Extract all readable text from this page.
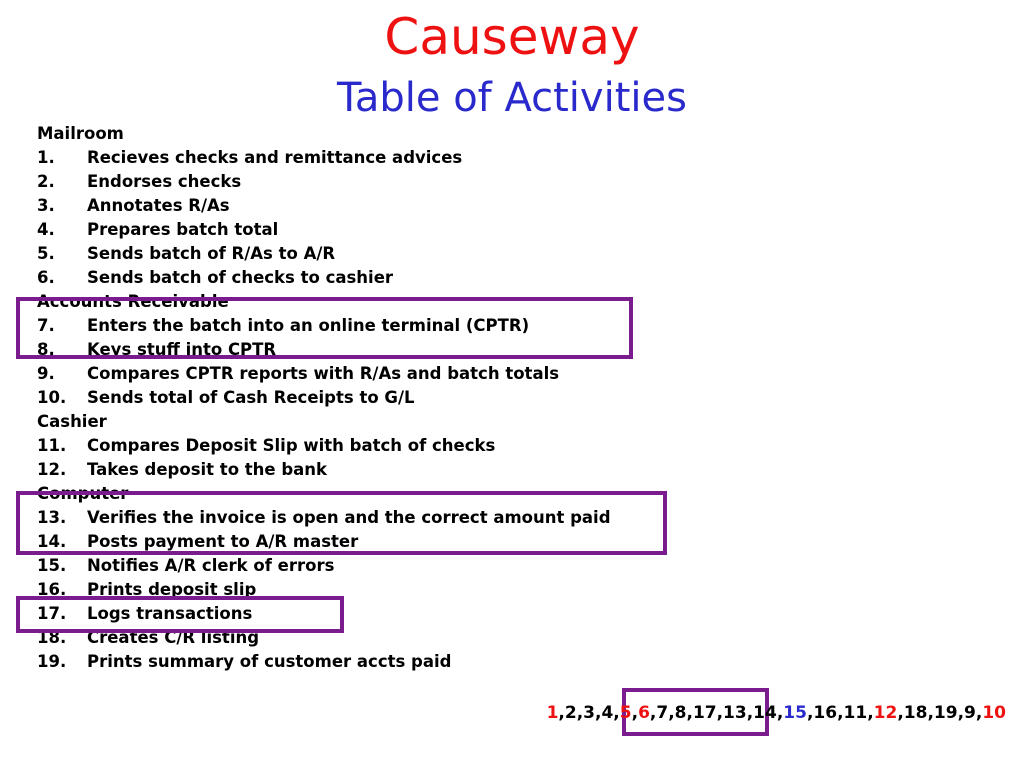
Causeway
Table of Activities
Mailroom
1. Recieves checks and remittance advices
2. Endorses checks
3. Annotates R/As
4. Prepares batch total
5. Sends batch of R/As to A/R
6. Sends batch of checks to cashier
Accounts Receivable
7. Enters the batch into an online terminal (CPTR)
8. Keys stuff into CPTR
9. Compares CPTR reports with R/As and batch totals
10. Sends total of Cash Receipts to G/L
Cashier
11. Compares Deposit Slip with batch of checks
12. Takes deposit to the bank
Computer
13. Verifies the invoice is open and the correct amount paid
14. Posts payment to A/R master
15. Notifies A/R clerk of errors
16. Prints deposit slip
17. Logs transactions
18. Creates C/R listing
19. Prints summary of customer accts paid
1,2,3,4,5,6,7,8,17,13,14,15,16,11,12,18,19,9,10
